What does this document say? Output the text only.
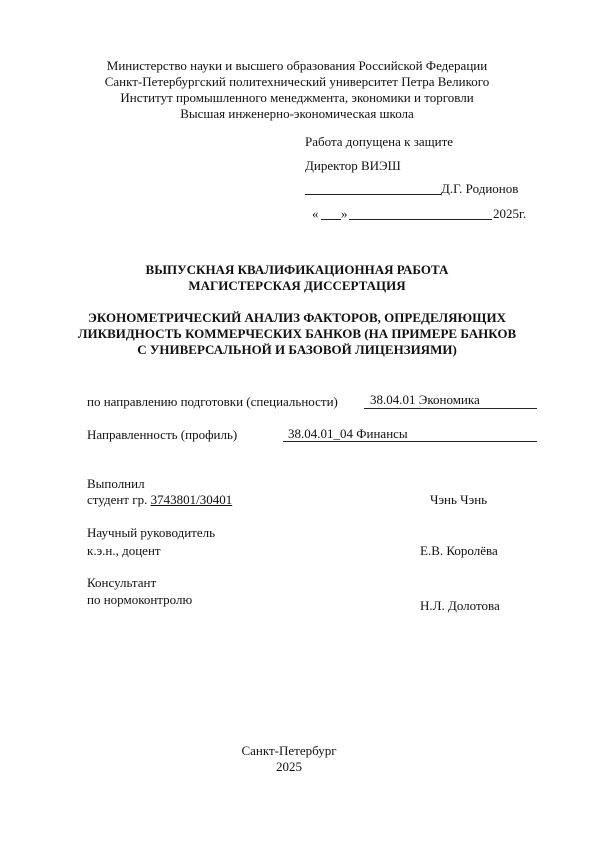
Министерство науки и высшего образования Российской Федерации
Санкт-Петербургский политехнический университет Петра Великого
Институт промышленного менеджмента, экономики и торговли
Высшая инженерно-экономическая школа
Работа допущена к защите
Директор ВИЭШ
Д.Г. Родионов
« »	2025г.
ВЫПУСКНАЯ КВАЛИФИКАЦИОННАЯ РАБОТА
МАГИСТЕРСКАЯ ДИССЕРТАЦИЯ
ЭКОНОМЕТРИЧЕСКИЙ АНАЛИЗ ФАКТОРОВ, ОПРЕДЕЛЯЮЩИХ
ЛИКВИДНОСТЬ КОММЕРЧЕСКИХ БАНКОВ (НА ПРИМЕРЕ БАНКОВ
С УНИВЕРСАЛЬНОЙ И БАЗОВОЙ ЛИЦЕНЗИЯМИ)
по направлению подготовки (специальности) 38.04.01 Экономика
Направленность (профиль)	38.04.01_04 Финансы
Выполнил
студент гр. 3743801/30401	Чэнь Чэнь
Научный руководитель
к.э.н., доцент	Е.В. Королёва
Консультант
по нормоконтролю	Н.Л. Долотова
Санкт-Петербург
2025
